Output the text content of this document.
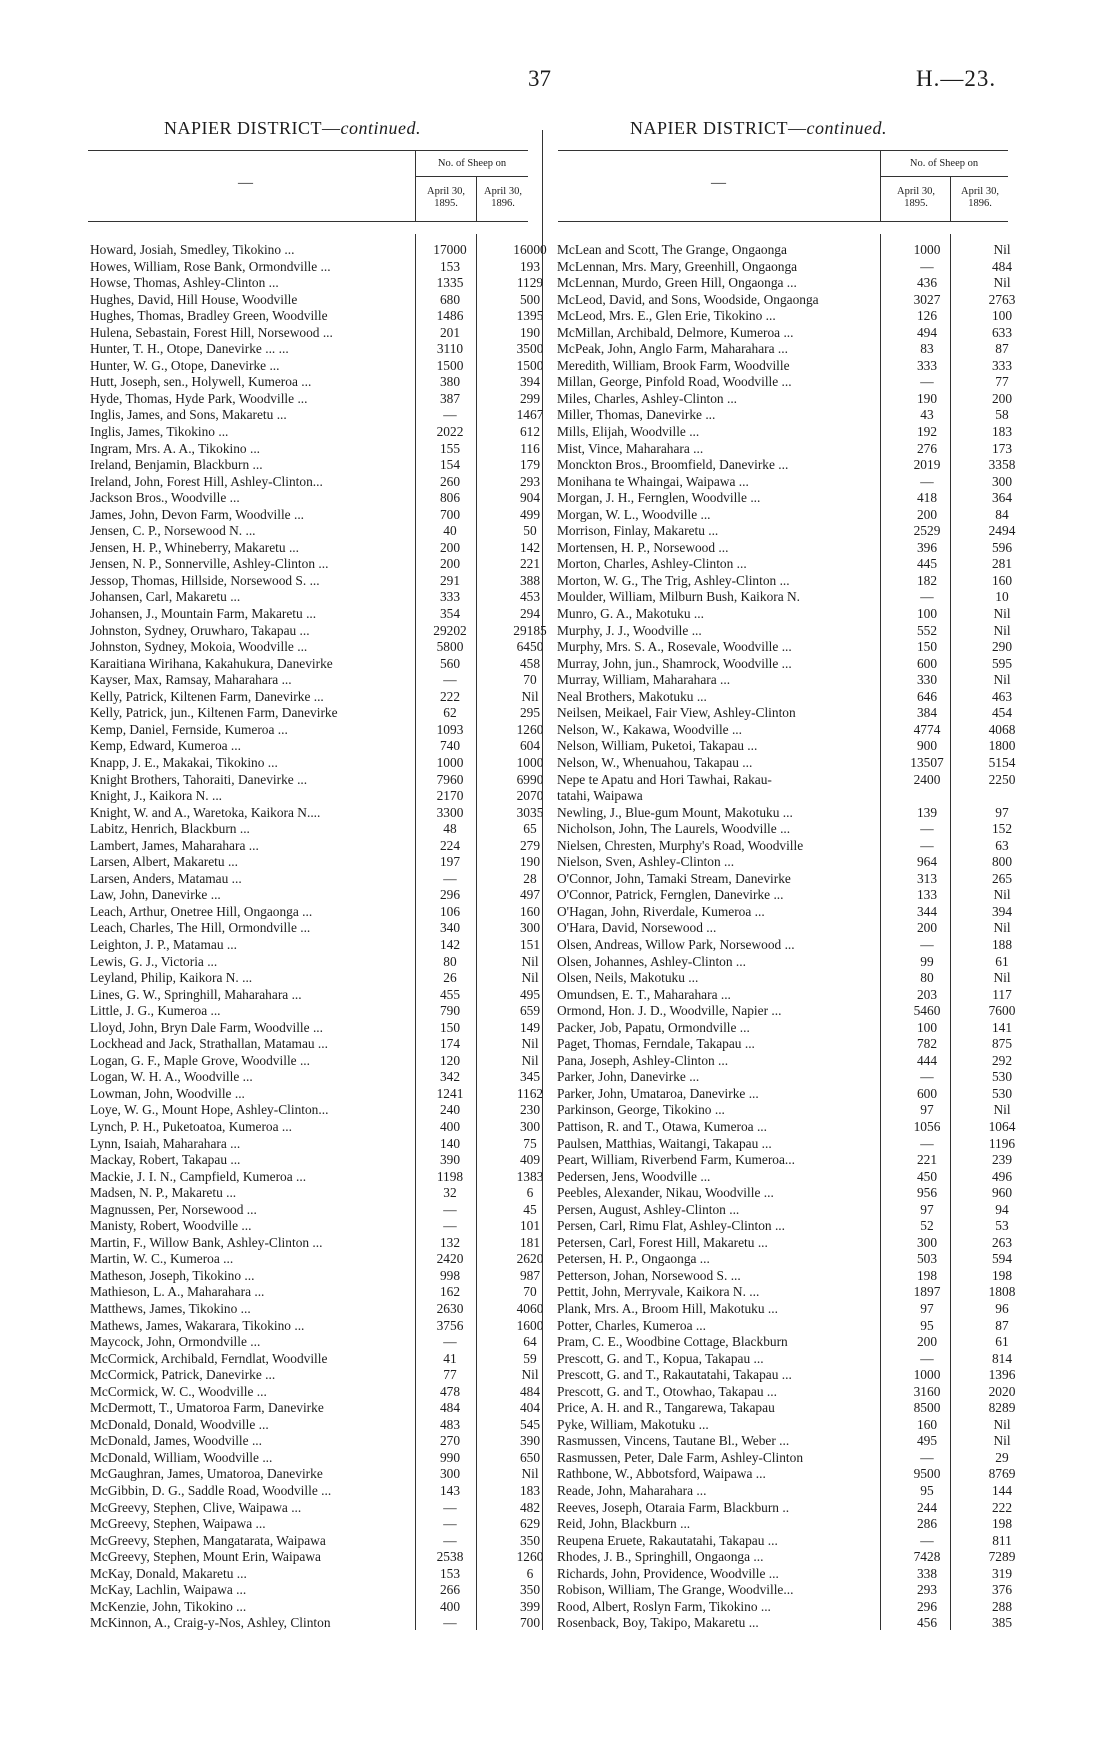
37	H.—23.
NAPIER DISTRICT—continued.	NAPIER DISTRICT—continued.
—
No. of Sheep on
April 30, 1895.
April 30, 1896.
—
No. of Sheep on
April 30, 1895.
April 30, 1896.
Howard, Josiah, Smedley, Tikokino ...	17000	16000
Howes, William, Rose Bank, Ormondville ...	153	193
Howse, Thomas, Ashley-Clinton ...	1335	1129
Hughes, David, Hill House, Woodville	680	500
Hughes, Thomas, Bradley Green, Woodville	1486	1395
Hulena, Sebastain, Forest Hill, Norsewood ...	201	190
Hunter, T. H., Otope, Danevirke ... ...	3110	3500
Hunter, W. G., Otope, Danevirke ...	1500	1500
Hutt, Joseph, sen., Holywell, Kumeroa ...	380	394
Hyde, Thomas, Hyde Park, Woodville ...	387	299
Inglis, James, and Sons, Makaretu ...	—	1467
Inglis, James, Tikokino ...	2022	612
Ingram, Mrs. A. A., Tikokino ...	155	116
Ireland, Benjamin, Blackburn ...	154	179
Ireland, John, Forest Hill, Ashley-Clinton...	260	293
Jackson Bros., Woodville ...	806	904
James, John, Devon Farm, Woodville ...	700	499
Jensen, C. P., Norsewood N. ...	40	50
Jensen, H. P., Whineberry, Makaretu ...	200	142
Jensen, N. P., Sonnerville, Ashley-Clinton ...	200	221
Jessop, Thomas, Hillside, Norsewood S. ...	291	388
Johansen, Carl, Makaretu ...	333	453
Johansen, J., Mountain Farm, Makaretu ...	354	294
Johnston, Sydney, Oruwharo, Takapau ...	29202	29185
Johnston, Sydney, Mokoia, Woodville ...	5800	6450
Karaitiana Wirihana, Kakahukura, Danevirke	560	458
Kayser, Max, Ramsay, Maharahara ...	—	70
Kelly, Patrick, Kiltenen Farm, Danevirke ...	222	Nil
Kelly, Patrick, jun., Kiltenen Farm, Danevirke	62	295
Kemp, Daniel, Fernside, Kumeroa ...	1093	1260
Kemp, Edward, Kumeroa ...	740	604
Knapp, J. E., Makakai, Tikokino ...	1000	1000
Knight Brothers, Tahoraiti, Danevirke ...	7960	6990
Knight, J., Kaikora N. ...	2170	2070
Knight, W. and A., Waretoka, Kaikora N....	3300	3035
Labitz, Henrich, Blackburn ...	48	65
Lambert, James, Maharahara ...	224	279
Larsen, Albert, Makaretu ...	197	190
Larsen, Anders, Matamau ...	—	28
Law, John, Danevirke ...	296	497
Leach, Arthur, Onetree Hill, Ongaonga ...	106	160
Leach, Charles, The Hill, Ormondville ...	340	300
Leighton, J. P., Matamau ...	142	151
Lewis, G. J., Victoria ...	80	Nil
Leyland, Philip, Kaikora N. ...	26	Nil
Lines, G. W., Springhill, Maharahara ...	455	495
Little, J. G., Kumeroa ...	790	659
Lloyd, John, Bryn Dale Farm, Woodville ...	150	149
Lockhead and Jack, Strathallan, Matamau ...	174	Nil
Logan, G. F., Maple Grove, Woodville ...	120	Nil
Logan, W. H. A., Woodville ...	342	345
Lowman, John, Woodville ...	1241	1162
Loye, W. G., Mount Hope, Ashley-Clinton...	240	230
Lynch, P. H., Puketoatoa, Kumeroa ...	400	300
Lynn, Isaiah, Maharahara ...	140	75
Mackay, Robert, Takapau ...	390	409
Mackie, J. I. N., Campfield, Kumeroa ...	1198	1383
Madsen, N. P., Makaretu ...	32	6
Magnussen, Per, Norsewood ...	—	45
Manisty, Robert, Woodville ...	—	101
Martin, F., Willow Bank, Ashley-Clinton ...	132	181
Martin, W. C., Kumeroa ...	2420	2620
Matheson, Joseph, Tikokino ...	998	987
Mathieson, L. A., Maharahara ...	162	70
Matthews, James, Tikokino ...	2630	4060
Mathews, James, Wakarara, Tikokino ...	3756	1600
Maycock, John, Ormondville ...	—	64
McCormick, Archibald, Ferndlat, Woodville	41	59
McCormick, Patrick, Danevirke ...	77	Nil
McCormick, W. C., Woodville ...	478	484
McDermott, T., Umatoroa Farm, Danevirke	484	404
McDonald, Donald, Woodville ...	483	545
McDonald, James, Woodville ...	270	390
McDonald, William, Woodville ...	990	650
McGaughran, James, Umatoroa, Danevirke	300	Nil
McGibbin, D. G., Saddle Road, Woodville ...	143	183
McGreevy, Stephen, Clive, Waipawa ...	—	482
McGreevy, Stephen, Waipawa ...	—	629
McGreevy, Stephen, Mangatarata, Waipawa	—	350
McGreevy, Stephen, Mount Erin, Waipawa	2538	1260
McKay, Donald, Makaretu ...	153	6
McKay, Lachlin, Waipawa ...	266	350
McKenzie, John, Tikokino ...	400	399
McKinnon, A., Craig-y-Nos, Ashley, Clinton	—	700
McLean and Scott, The Grange, Ongaonga	1000	Nil
McLennan, Mrs. Mary, Greenhill, Ongaonga	—	484
McLennan, Murdo, Green Hill, Ongaonga ...	436	Nil
McLeod, David, and Sons, Woodside, Ongaonga	3027	2763
McLeod, Mrs. E., Glen Erie, Tikokino ...	126	100
McMillan, Archibald, Delmore, Kumeroa ...	494	633
McPeak, John, Anglo Farm, Maharahara ...	83	87
Meredith, William, Brook Farm, Woodville	333	333
Millan, George, Pinfold Road, Woodville ...	—	77
Miles, Charles, Ashley-Clinton ...	190	200
Miller, Thomas, Danevirke ...	43	58
Mills, Elijah, Woodville ...	192	183
Mist, Vince, Maharahara ...	276	173
Monckton Bros., Broomfield, Danevirke ...	2019	3358
Monihana te Whaingai, Waipawa ...	—	300
Morgan, J. H., Fernglen, Woodville ...	418	364
Morgan, W. L., Woodville ...	200	84
Morrison, Finlay, Makaretu ...	2529	2494
Mortensen, H. P., Norsewood ...	396	596
Morton, Charles, Ashley-Clinton ...	445	281
Morton, W. G., The Trig, Ashley-Clinton ...	182	160
Moulder, William, Milburn Bush, Kaikora N.	—	10
Munro, G. A., Makotuku ...	100	Nil
Murphy, J. J., Woodville ...	552	Nil
Murphy, Mrs. S. A., Rosevale, Woodville ...	150	290
Murray, John, jun., Shamrock, Woodville ...	600	595
Murray, William, Maharahara ...	330	Nil
Neal Brothers, Makotuku ...	646	463
Neilsen, Meikael, Fair View, Ashley-Clinton	384	454
Nelson, W., Kakawa, Woodville ...	4774	4068
Nelson, William, Puketoi, Takapau ...	900	1800
Nelson, W., Whenuahou, Takapau ...	13507	5154
Nepe te Apatu and Hori Tawhai, Rakau-	2400	2250
tatahi, Waipawa
Newling, J., Blue-gum Mount, Makotuku ...	139	97
Nicholson, John, The Laurels, Woodville ...	—	152
Nielsen, Chresten, Murphy's Road, Woodville	—	63
Nielson, Sven, Ashley-Clinton ...	964	800
O'Connor, John, Tamaki Stream, Danevirke	313	265
O'Connor, Patrick, Fernglen, Danevirke ...	133	Nil
O'Hagan, John, Riverdale, Kumeroa ...	344	394
O'Hara, David, Norsewood ...	200	Nil
Olsen, Andreas, Willow Park, Norsewood ...	—	188
Olsen, Johannes, Ashley-Clinton ...	99	61
Olsen, Neils, Makotuku ...	80	Nil
Omundsen, E. T., Maharahara ...	203	117
Ormond, Hon. J. D., Woodville, Napier ...	5460	7600
Packer, Job, Papatu, Ormondville ...	100	141
Paget, Thomas, Ferndale, Takapau ...	782	875
Pana, Joseph, Ashley-Clinton ...	444	292
Parker, John, Danevirke ...	—	530
Parker, John, Umataroa, Danevirke ...	600	530
Parkinson, George, Tikokino ...	97	Nil
Pattison, R. and T., Otawa, Kumeroa ...	1056	1064
Paulsen, Matthias, Waitangi, Takapau ...	—	1196
Peart, William, Riverbend Farm, Kumeroa...	221	239
Pedersen, Jens, Woodville ...	450	496
Peebles, Alexander, Nikau, Woodville ...	956	960
Persen, August, Ashley-Clinton ...	97	94
Persen, Carl, Rimu Flat, Ashley-Clinton ...	52	53
Petersen, Carl, Forest Hill, Makaretu ...	300	263
Petersen, H. P., Ongaonga ...	503	594
Petterson, Johan, Norsewood S. ...	198	198
Pettit, John, Merryvale, Kaikora N. ...	1897	1808
Plank, Mrs. A., Broom Hill, Makotuku ...	97	96
Potter, Charles, Kumeroa ...	95	87
Pram, C. E., Woodbine Cottage, Blackburn	200	61
Prescott, G. and T., Kopua, Takapau ...	—	814
Prescott, G. and T., Rakautatahi, Takapau ...	1000	1396
Prescott, G. and T., Otowhao, Takapau ...	3160	2020
Price, A. H. and R., Tangarewa, Takapau	8500	8289
Pyke, William, Makotuku ...	160	Nil
Rasmussen, Vincens, Tautane Bl., Weber ...	495	Nil
Rasmussen, Peter, Dale Farm, Ashley-Clinton	—	29
Rathbone, W., Abbotsford, Waipawa ...	9500	8769
Reade, John, Maharahara ...	95	144
Reeves, Joseph, Otaraia Farm, Blackburn ..	244	222
Reid, John, Blackburn ...	286	198
Reupena Eruete, Rakautatahi, Takapau ...	—	811
Rhodes, J. B., Springhill, Ongaonga ...	7428	7289
Richards, John, Providence, Woodville ...	338	319
Robison, William, The Grange, Woodville...	293	376
Rood, Albert, Roslyn Farm, Tikokino ...	296	288
Rosenback, Boy, Takipo, Makaretu ...	456	385
